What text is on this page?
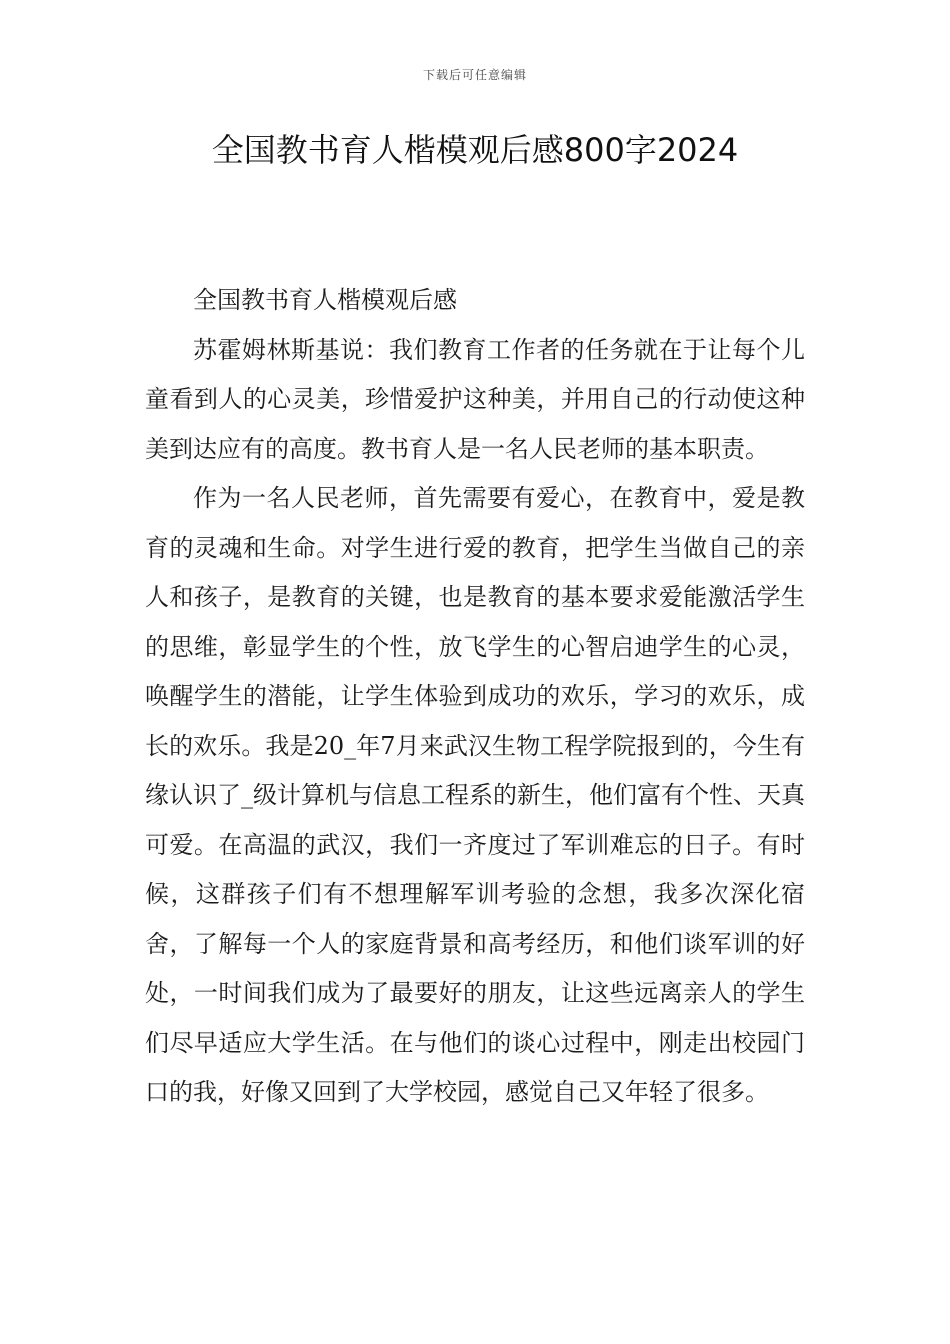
下载后可任意编辑
全国教书育人楷模观后感800字2024

全国教书育人楷模观后感

苏霍姆林斯基说：我们教育工作者的任务就在于让每个儿童看到人的心灵美，珍惜爱护这种美，并用自己的行动使这种美到达应有的高度。教书育人是一名人民老师的基本职责。

作为一名人民老师，首先需要有爱心，在教育中，爱是教育的灵魂和生命。对学生进行爱的教育，把学生当做自己的亲人和孩子，是教育的关键，也是教育的基本要求爱能激活学生的思维，彰显学生的个性，放飞学生的心智启迪学生的心灵，唤醒学生的潜能，让学生体验到成功的欢乐，学习的欢乐，成长的欢乐。我是20_年7月来武汉生物工程学院报到的，今生有缘认识了_级计算机与信息工程系的新生，他们富有个性、天真可爱。在高温的武汉，我们一齐度过了军训难忘的日子。有时候，这群孩子们有不想理解军训考验的念想，我多次深化宿舍，了解每一个人的家庭背景和高考经历，和他们谈军训的好处，一时间我们成为了最要好的朋友，让这些远离亲人的学生们尽早适应大学生活。在与他们的谈心过程中，刚走出校园门口的我，好像又回到了大学校园，感觉自己又年轻了很多。
